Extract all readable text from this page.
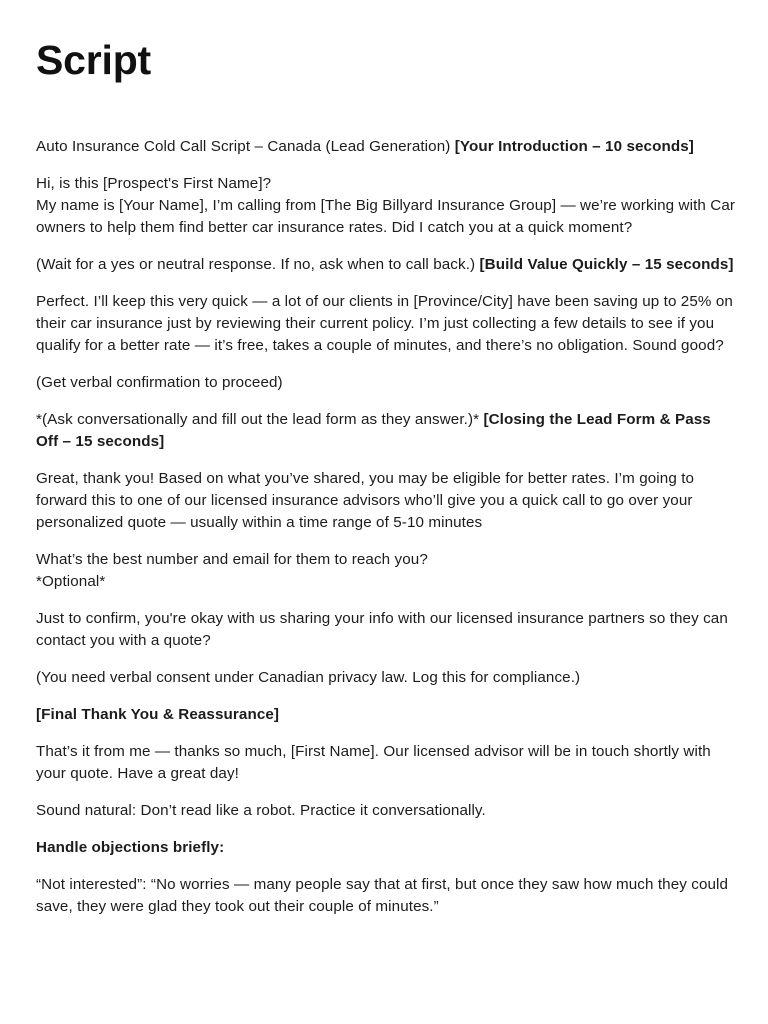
Script

Auto Insurance Cold Call Script – Canada (Lead Generation) [Your Introduction – 10 seconds]

Hi, is this [Prospect's First Name]?
My name is [Your Name], I’m calling from [The Big Billyard Insurance Group] — we’re working with Car owners to help them find better car insurance rates. Did I catch you at a quick moment?

(Wait for a yes or neutral response. If no, ask when to call back.) [Build Value Quickly – 15 seconds]

Perfect. I’ll keep this very quick — a lot of our clients in [Province/City] have been saving up to 25% on their car insurance just by reviewing their current policy. I’m just collecting a few details to see if you qualify for a better rate — it’s free, takes a couple of minutes, and there’s no obligation. Sound good?

(Get verbal confirmation to proceed)

*(Ask conversationally and fill out the lead form as they answer.)* [Closing the Lead Form & Pass Off – 15 seconds]

Great, thank you! Based on what you’ve shared, you may be eligible for better rates. I’m going to forward this to one of our licensed insurance advisors who’ll give you a quick call to go over your personalized quote — usually within a time range of 5-10 minutes

What’s the best number and email for them to reach you?
*Optional*

Just to confirm, you're okay with us sharing your info with our licensed insurance partners so they can contact you with a quote?

(You need verbal consent under Canadian privacy law. Log this for compliance.)

[Final Thank You & Reassurance]

That’s it from me — thanks so much, [First Name]. Our licensed advisor will be in touch shortly with your quote. Have a great day!

Sound natural: Don’t read like a robot. Practice it conversationally.

Handle objections briefly:

“Not interested”: “No worries — many people say that at first, but once they saw how much they could save, they were glad they took out their couple of minutes.”
